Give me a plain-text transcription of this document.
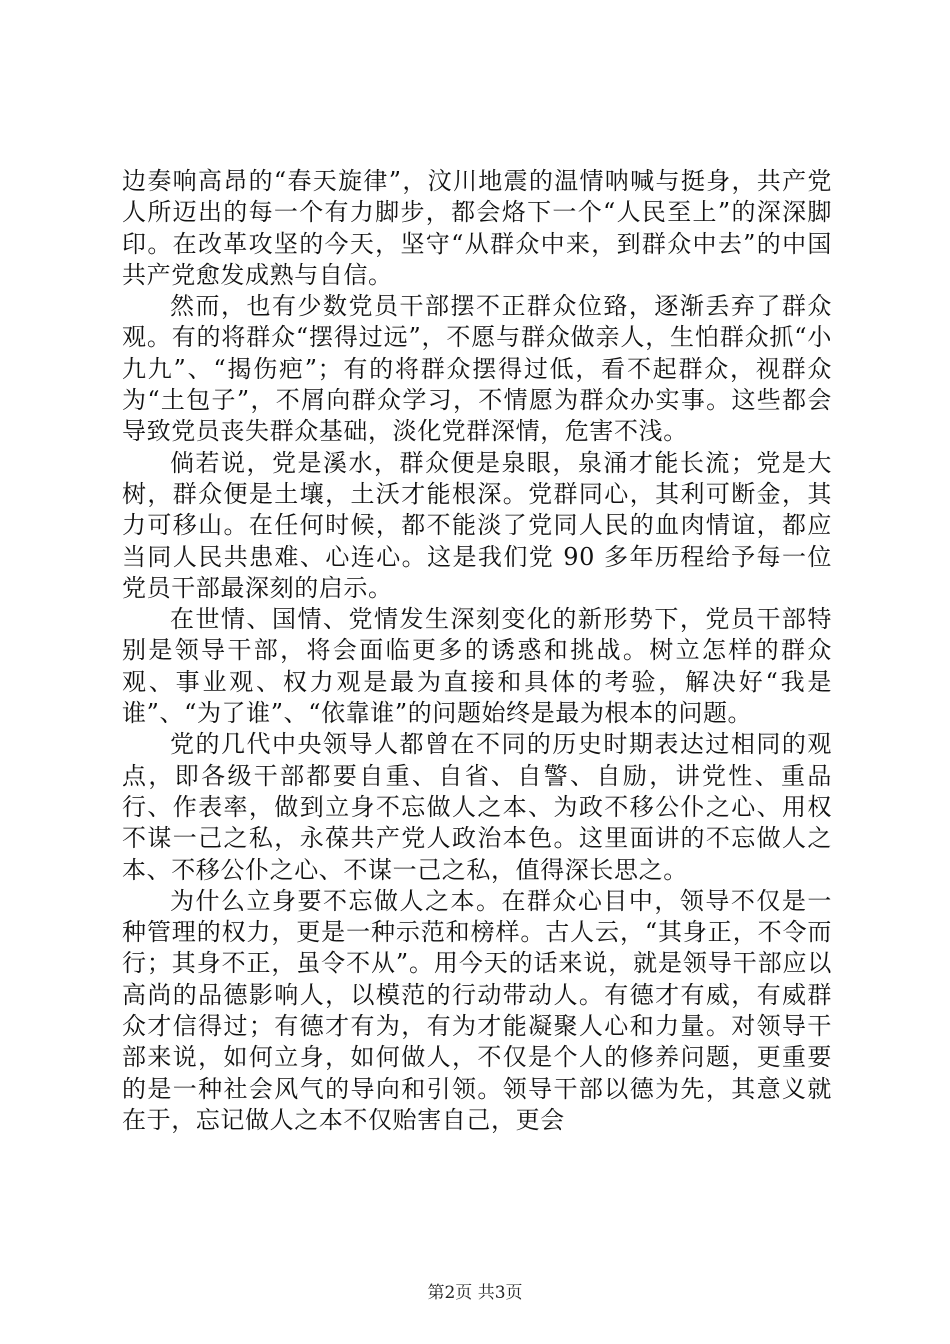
边奏响高昂的“春天旋律”，汶川地震的温情呐喊与挺身，共产党人所迈出的每一个有力脚步，都会烙下一个“人民至上”的深深脚印。在改革攻坚的今天，坚守“从群众中来，到群众中去”的中国共产党愈发成熟与自信。

然而，也有少数党员干部摆不正群众位臵，逐渐丢弃了群众观。有的将群众“摆得过远”，不愿与群众做亲人，生怕群众抓“小九九”、“揭伤疤”；有的将群众摆得过低，看不起群众，视群众为“土包子”，不屑向群众学习，不情愿为群众办实事。这些都会导致党员丧失群众基础，淡化党群深情，危害不浅。

倘若说，党是溪水，群众便是泉眼，泉涌才能长流；党是大树，群众便是土壤，土沃才能根深。党群同心，其利可断金，其力可移山。在任何时候，都不能淡了党同人民的血肉情谊，都应当同人民共患难、心连心。这是我们党 90 多年历程给予每一位党员干部最深刻的启示。

在世情、国情、党情发生深刻变化的新形势下，党员干部特别是领导干部，将会面临更多的诱惑和挑战。树立怎样的群众观、事业观、权力观是最为直接和具体的考验，解决好“我是谁”、“为了谁”、“依靠谁”的问题始终是最为根本的问题。

党的几代中央领导人都曾在不同的历史时期表达过相同的观点，即各级干部都要自重、自省、自警、自励，讲党性、重品行、作表率，做到立身不忘做人之本、为政不移公仆之心、用权不谋一己之私，永葆共产党人政治本色。这里面讲的不忘做人之本、不移公仆之心、不谋一己之私，值得深长思之。

为什么立身要不忘做人之本。在群众心目中，领导不仅是一种管理的权力，更是一种示范和榜样。古人云，“其身正，不令而行；其身不正，虽令不从”。用今天的话来说，就是领导干部应以高尚的品德影响人，以模范的行动带动人。有德才有威，有威群众才信得过；有德才有为，有为才能凝聚人心和力量。对领导干部来说，如何立身，如何做人，不仅是个人的修养问题，更重要的是一种社会风气的导向和引领。领导干部以德为先，其意义就在于，忘记做人之本不仅贻害自己，更会

第2页 共3页
